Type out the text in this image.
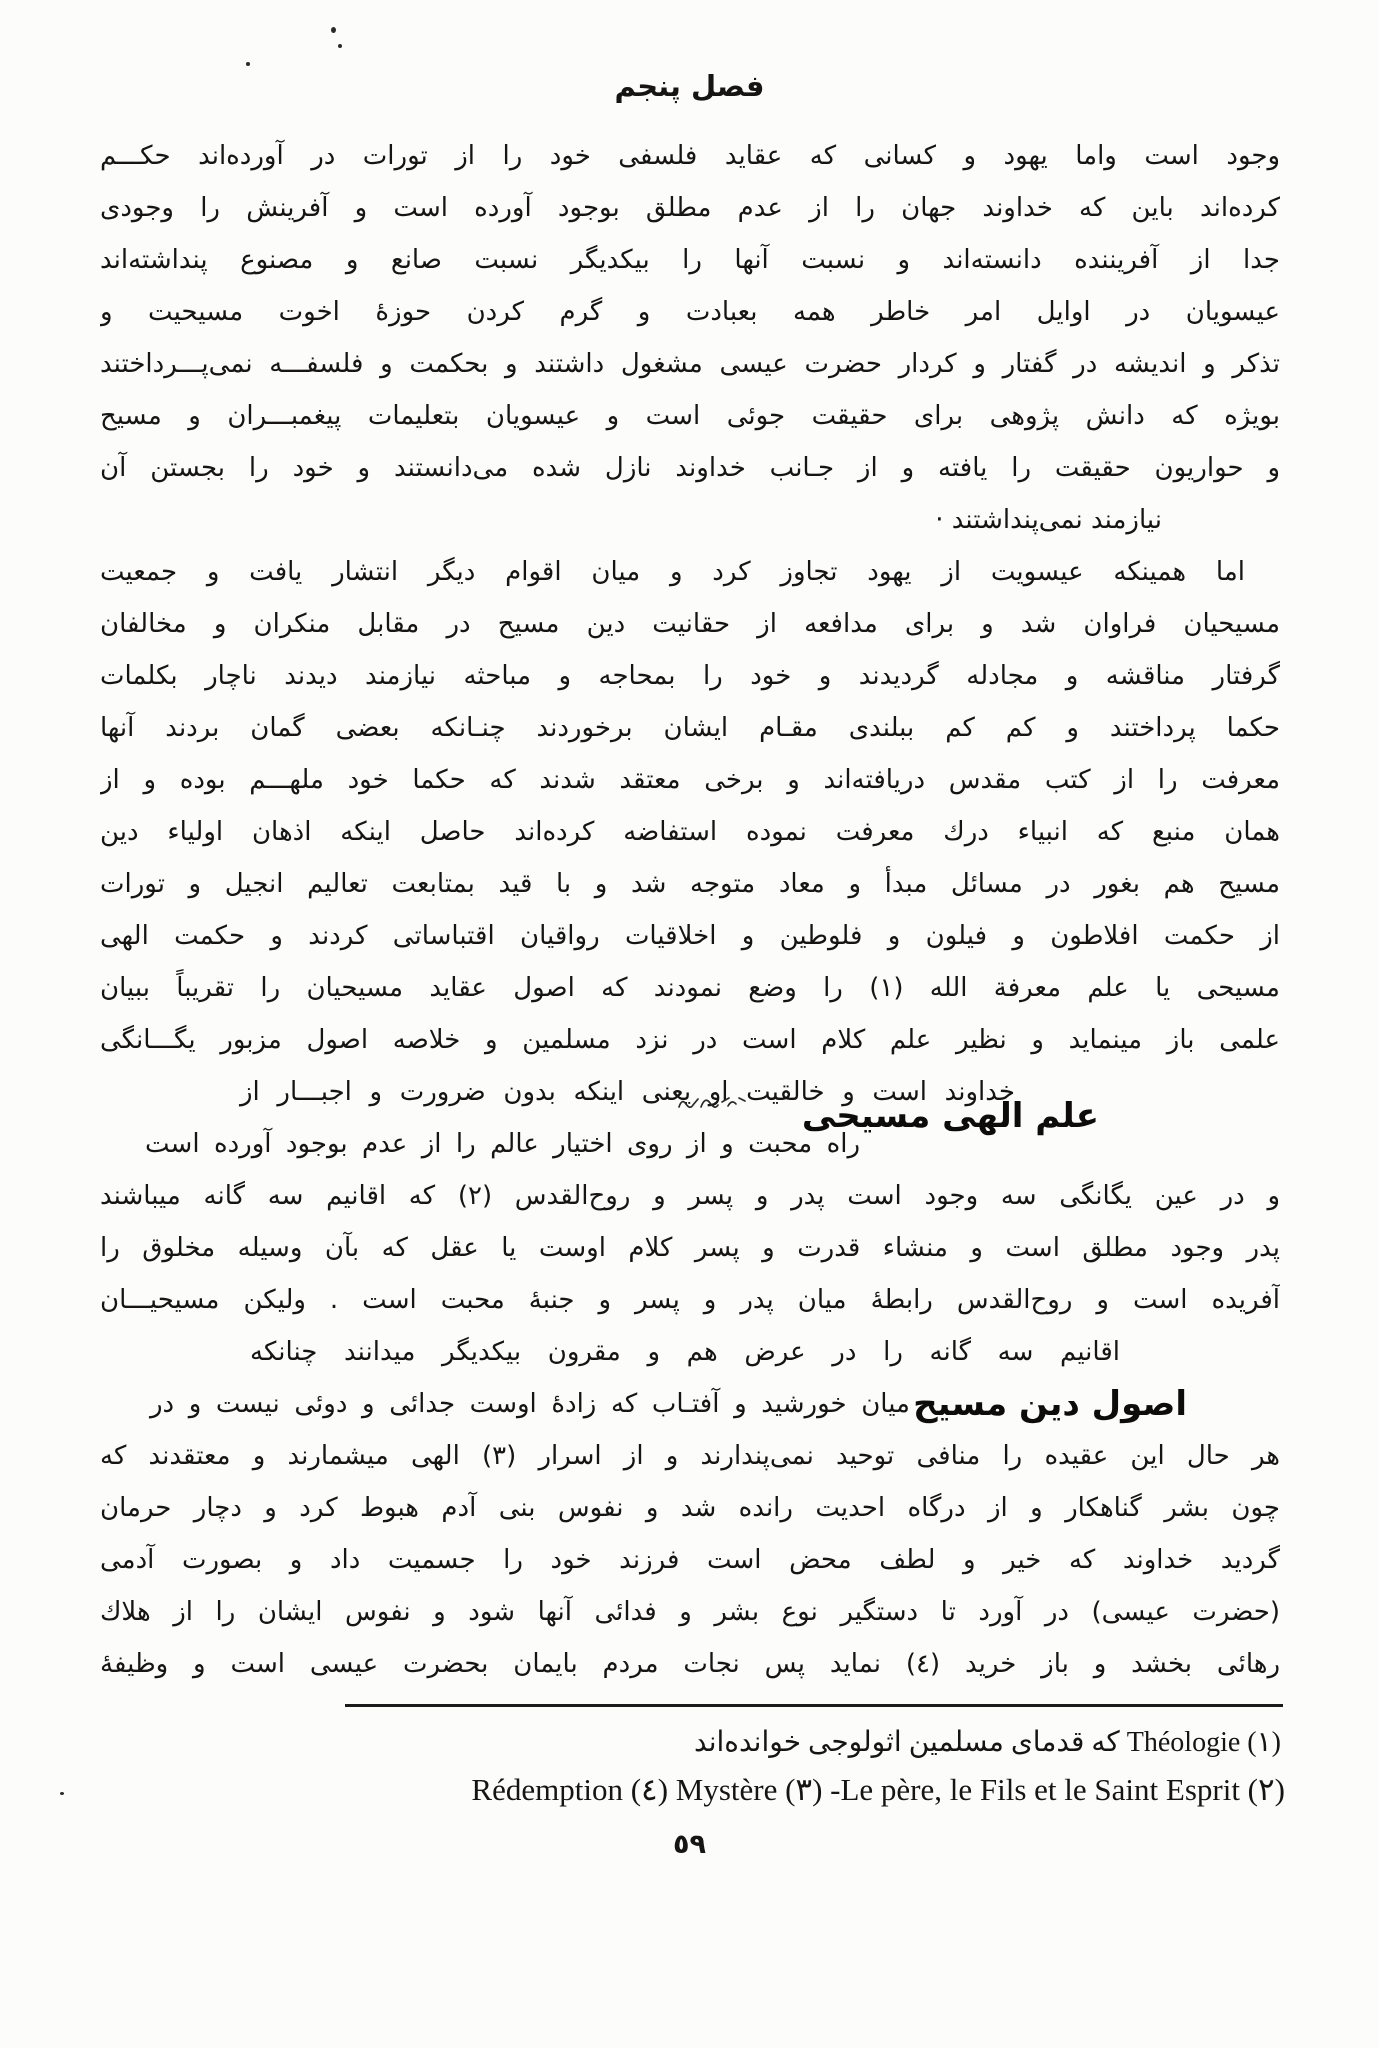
فصل پنجم
وجود است واما يهود و كسانى كه عقايد فلسفى خود را از تورات در آورده‌اند حكـــم
كرده‌اند باين كه خداوند جهان را از عدم مطلق بوجود آورده است و آفرينش را وجودى
جدا از آفريننده دانسته‌اند و نسبت آنها را بيكديگر نسبت صانع و مصنوع پنداشته‌اند
عيسويان در اوايل امر خاطر همه بعبادت و گرم كردن حوزهٔ اخوت مسيحيت و
تذكر و انديشه در گفتار و كردار حضرت عيسى مشغول داشتند و بحكمت و فلسفـــه نمى‌پـــرداختند
بويژه كه دانش پژوهى براى حقيقت جوئى است و عيسويان بتعليمات پيغمبـــران و مسيح
و حواريون حقيقت را يافته و از جـانب خداوند نازل شده مى‌دانستند و خود را بجستن آن
نيازمند نمى‌پنداشتند ·
اما همينكه عيسويت از يهود تجاوز كرد و ميان اقوام ديگر انتشار يافت و جمعيت
مسيحيان فراوان شد و براى مدافعه از حقانيت دين مسيح در مقابل منكران و مخالفان
گرفتار مناقشه و مجادله گرديدند و خود را بمحاجه و مباحثه نيازمند ديدند ناچار بكلمات
حكما پرداختند و كم كم ببلندى مقـام ايشان برخوردند چنـانكه بعضى گمان بردند آنها
معرفت را از كتب مقدس دريافته‌اند و برخى معتقد شدند كه حكما خود ملهـــم بوده و از
همان منبع كه انبياء درك معرفت نموده استفاضه كرده‌اند حاصل اينكه اذهان اولياء دين
مسيح هم بغور در مسائل مبدأ و معاد متوجه شد و با قيد بمتابعت تعاليم انجيل و تورات
از حكمت افلاطون و فيلون و فلوطين و اخلاقيات رواقيان اقتباساتى كردند و حكمت الهى
مسيحى يا علم معرفة الله (١) را وضع نمودند كه اصول عقايد مسيحيان را تقريباً ببيان
علمى باز مينمايد و نظير علم كلام است در نزد مسلمين و خلاصه اصول مزبور يگـــانگى
خداوند است و خالقيت او يعنى اينكه بدون ضرورت و اجبـــار از
راه محبت و از روى اختيار عالم را از عدم بوجود آورده است
و در عين يگانگى سه وجود است پدر و پسر و روح‌القدس (٢) كه اقانيم سه گانه ميباشند
پدر وجود مطلق است و منشاء قدرت و پسر كلام اوست يا عقل كه بآن وسيله مخلوق را
آفريده است و روح‌القدس رابطهٔ ميان پدر و پسر و جنبهٔ محبت است . وليكن مسيحيـــان
اقانيم سه گانه را در عرض هم و مقرون بيكديگر ميدانند چنانكه
ميان خورشيد و آفتـاب كه زادهٔ اوست جدائى و دوئى نيست و در
هر حال اين عقيده را منافى توحيد نمى‌پندارند و از اسرار (٣) الهى ميشمارند و معتقدند كه
چون بشر گناهكار و از درگاه احديت رانده شد و نفوس بنى آدم هبوط كرد و دچار حرمان
گرديد خداوند كه خير و لطف محض است فرزند خود را جسميت داد و بصورت آدمى
(حضرت عيسى) در آورد تا دستگير نوع بشر و فدائى آنها شود و نفوس ايشان را از هلاك
رهائى بخشد و باز خريد (٤) نمايد پس نجات مردم بايمان بحضرت عيسى است و وظيفهٔ
علم الهى مسيحى
اصول دين مسيح
(١) Théologie كه قدماى مسلمين اثولوجى خوانده‌اند
Rédemption (٤) Mystère (٣) -Le père, le Fils et le Saint Esprit (٢)
٥٩
